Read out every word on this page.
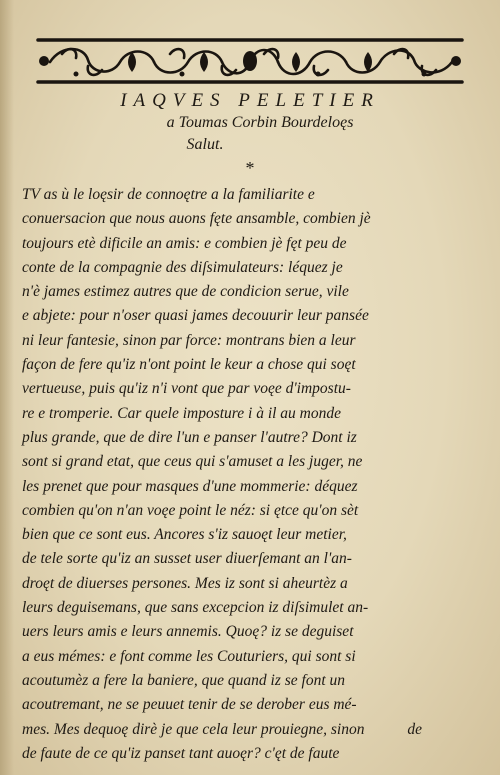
IAQVES PELETIER
a Toumas Corbin Bourdeloęs
Salut.
*
TV as ù le loęsir de connoętre a la familiarite e
conuersacion que nous auons fęte ansamble, combien jè
toujours etè dificile an amis: e combien jè fęt peu de
conte de la compagnie des diſsimulateurs: léquez je
n'è james estimez autres que de condicion serue, vile
e abjete: pour n'oser quasi james decouurir leur pansée
ni leur fantesie, sinon par force: montrans bien a leur
façon de fere qu'iz n'ont point le keur a chose qui soęt
vertueuse, puis qu'iz n'i vont que par voęe d'impostu-
re e tromperie. Car quele imposture i à il au monde
plus grande, que de dire l'un e panser l'autre? Dont iz
sont si grand etat, que ceus qui s'amuset a les juger, ne
les prenet que pour masques d'une mommerie: déquez
combien qu'on n'an voęe point le néz: si ętce qu'on sèt
bien que ce sont eus. Ancores s'iz sauoęt leur metier,
de tele sorte qu'iz an susset user diuerſemant an l'an-
droęt de diuerses persones. Mes iz sont si aheurtèz a
leurs deguisemans, que sans excepcion iz diſsimulet an-
uers leurs amis e leurs annemis. Quoę? iz se deguiset
a eus mémes: e font comme les Couturiers, qui sont si
acoutumèz a fere la baniere, que quand iz se font un
acoutremant, ne se peuuet tenir de se derober eus mé-
mes. Mes dequoę dirè je que cela leur prouiegne, sinon
de faute de ce qu'iz panset tant auoęr? c'ęt de faute
de
